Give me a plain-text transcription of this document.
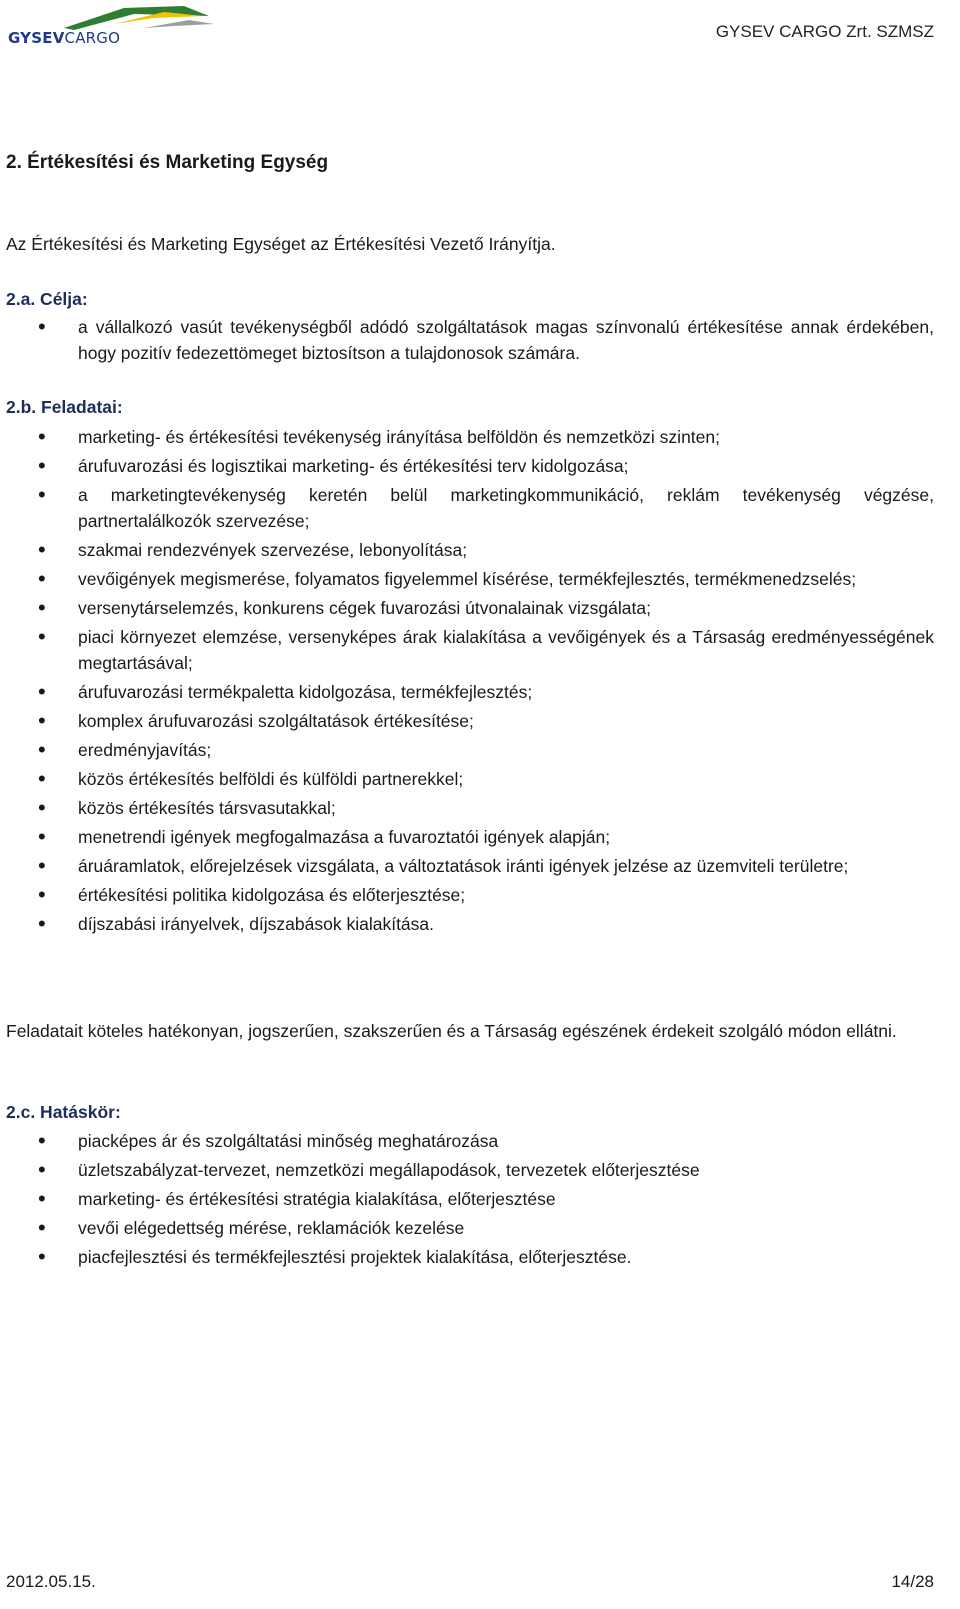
GYSEVCARGO	GYSEV CARGO Zrt. SZMSZ
2. Értékesítési és Marketing Egység
Az Értékesítési és Marketing Egységet az Értékesítési Vezető Irányítja.
2.a. Célja:
• a vállalkozó vasút tevékenységből adódó szolgáltatások magas színvonalú értékesítése annak érdekében, hogy pozitív fedezettömeget biztosítson a tulajdonosok számára.
2.b. Feladatai:
• marketing- és értékesítési tevékenység irányítása belföldön és nemzetközi szinten;
• árufuvarozási és logisztikai marketing- és értékesítési terv kidolgozása;
• a marketingtevékenység keretén belül marketingkommunikáció, reklám tevékenység végzése, partnertalálkozók szervezése;
• szakmai rendezvények szervezése, lebonyolítása;
• vevőigények megismerése, folyamatos figyelemmel kísérése, termékfejlesztés, termékmenedzselés;
• versenytárselemzés, konkurens cégek fuvarozási útvonalainak vizsgálata;
• piaci környezet elemzése, versenyképes árak kialakítása a vevőigények és a Társaság eredményességének megtartásával;
• árufuvarozási termékpaletta kidolgozása, termékfejlesztés;
• komplex árufuvarozási szolgáltatások értékesítése;
• eredményjavítás;
• közös értékesítés belföldi és külföldi partnerekkel;
• közös értékesítés társvasutakkal;
• menetrendi igények megfogalmazása a fuvaroztatói igények alapján;
• áruáramlatok, előrejelzések vizsgálata, a változtatások iránti igények jelzése az üzemviteli területre;
• értékesítési politika kidolgozása és előterjesztése;
• díjszabási irányelvek, díjszabások kialakítása.
Feladatait köteles hatékonyan, jogszerűen, szakszerűen és a Társaság egészének érdekeit szolgáló módon ellátni.
2.c. Hatáskör:
• piacképes ár és szolgáltatási minőség meghatározása
• üzletszabályzat-tervezet, nemzetközi megállapodások, tervezetek előterjesztése
• marketing- és értékesítési stratégia kialakítása, előterjesztése
• vevői elégedettség mérése, reklamációk kezelése
• piacfejlesztési és termékfejlesztési projektek kialakítása, előterjesztése.
2012.05.15.	14/28
